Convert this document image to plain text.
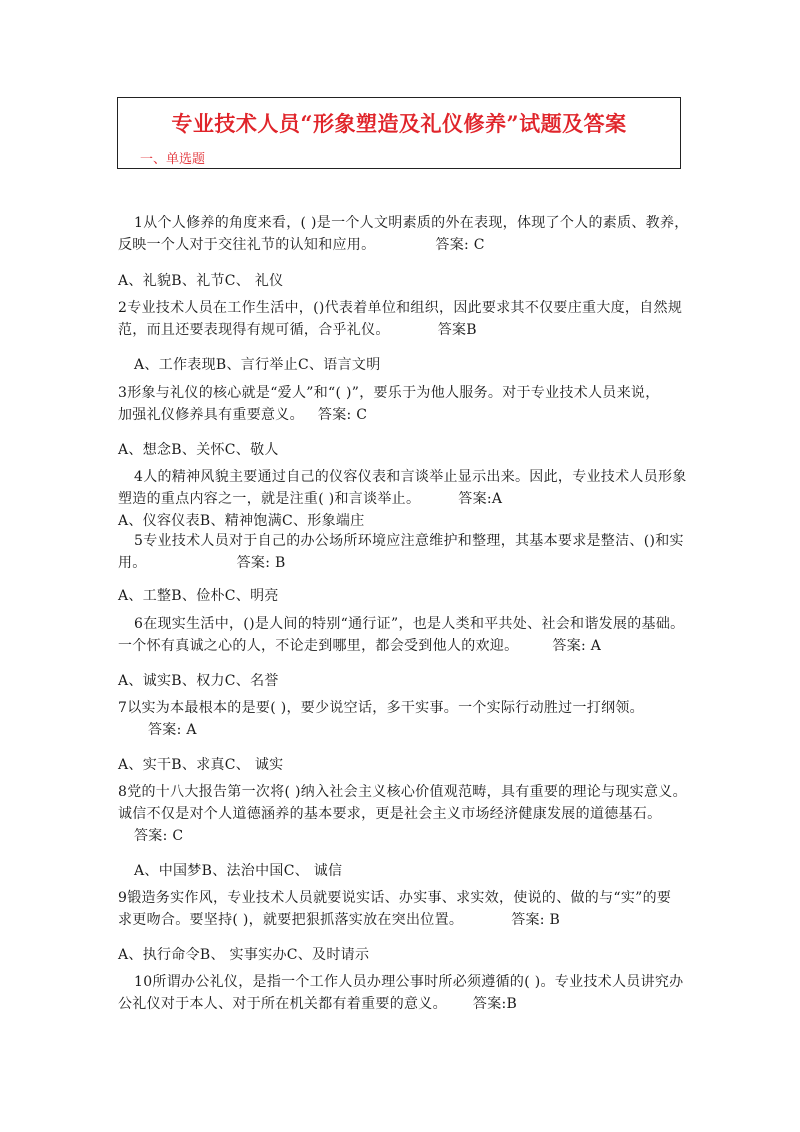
专业技术人员“形象塑造及礼仪修养”试题及答案
一、单选题
1从个人修养的角度来看，( )是一个人文明素质的外在表现，体现了个人的素质、教养，
反映一个人对于交往礼节的认知和应用。	答案: C
A、礼貌B、礼节C、 礼仪
2专业技术人员在工作生活中，()代表着单位和组织，因此要求其不仅要庄重大度，自然规
范，而且还要表现得有规可循，合乎礼仪。	答案B
A、工作表现B、言行举止C、语言文明
3形象与礼仪的核心就是“爱人”和“( )”，要乐于为他人服务。对于专业技术人员来说，
加强礼仪修养具有重要意义。 答案: C
A、想念B、关怀C、敬人
4人的精神风貌主要通过自己的仪容仪表和言谈举止显示出来。因此，专业技术人员形象
塑造的重点内容之一，就是注重( )和言谈举止。	答案:A
A、仪容仪表B、精神饱满C、形象端庄
5专业技术人员对于自己的办公场所环境应注意维护和整理，其基本要求是整洁、()和实
用。	答案: B
A、工整B、俭朴C、明亮
6在现实生活中，()是人间的特别“通行证”，也是人类和平共处、社会和谐发展的基础。
一个怀有真诚之心的人，不论走到哪里，都会受到他人的欢迎。 答案: A
A、诚实B、权力C、名誉
7以实为本最根本的是要( )，要少说空话，多干实事。一个实际行动胜过一打纲领。
答案: A
A、实干B、求真C、 诚实
8党的十八大报告第一次将( )纳入社会主义核心价值观范畴，具有重要的理论与现实意义。
诚信不仅是对个人道德涵养的基本要求，更是社会主义市场经济健康发展的道德基石。
答案: C
A、中国梦B、法治中国C、 诚信
9锻造务实作风，专业技术人员就要说实话、办实事、求实效，使说的、做的与“实”的要
求更吻合。要坚持( )，就要把狠抓落实放在突出位置。	答案: B
A、执行命令B、 实事实办C、及时请示
10所谓办公礼仪，是指一个工作人员办理公事时所必须遵循的( )。专业技术人员讲究办
公礼仪对于本人、对于所在机关都有着重要的意义。 答案:B
